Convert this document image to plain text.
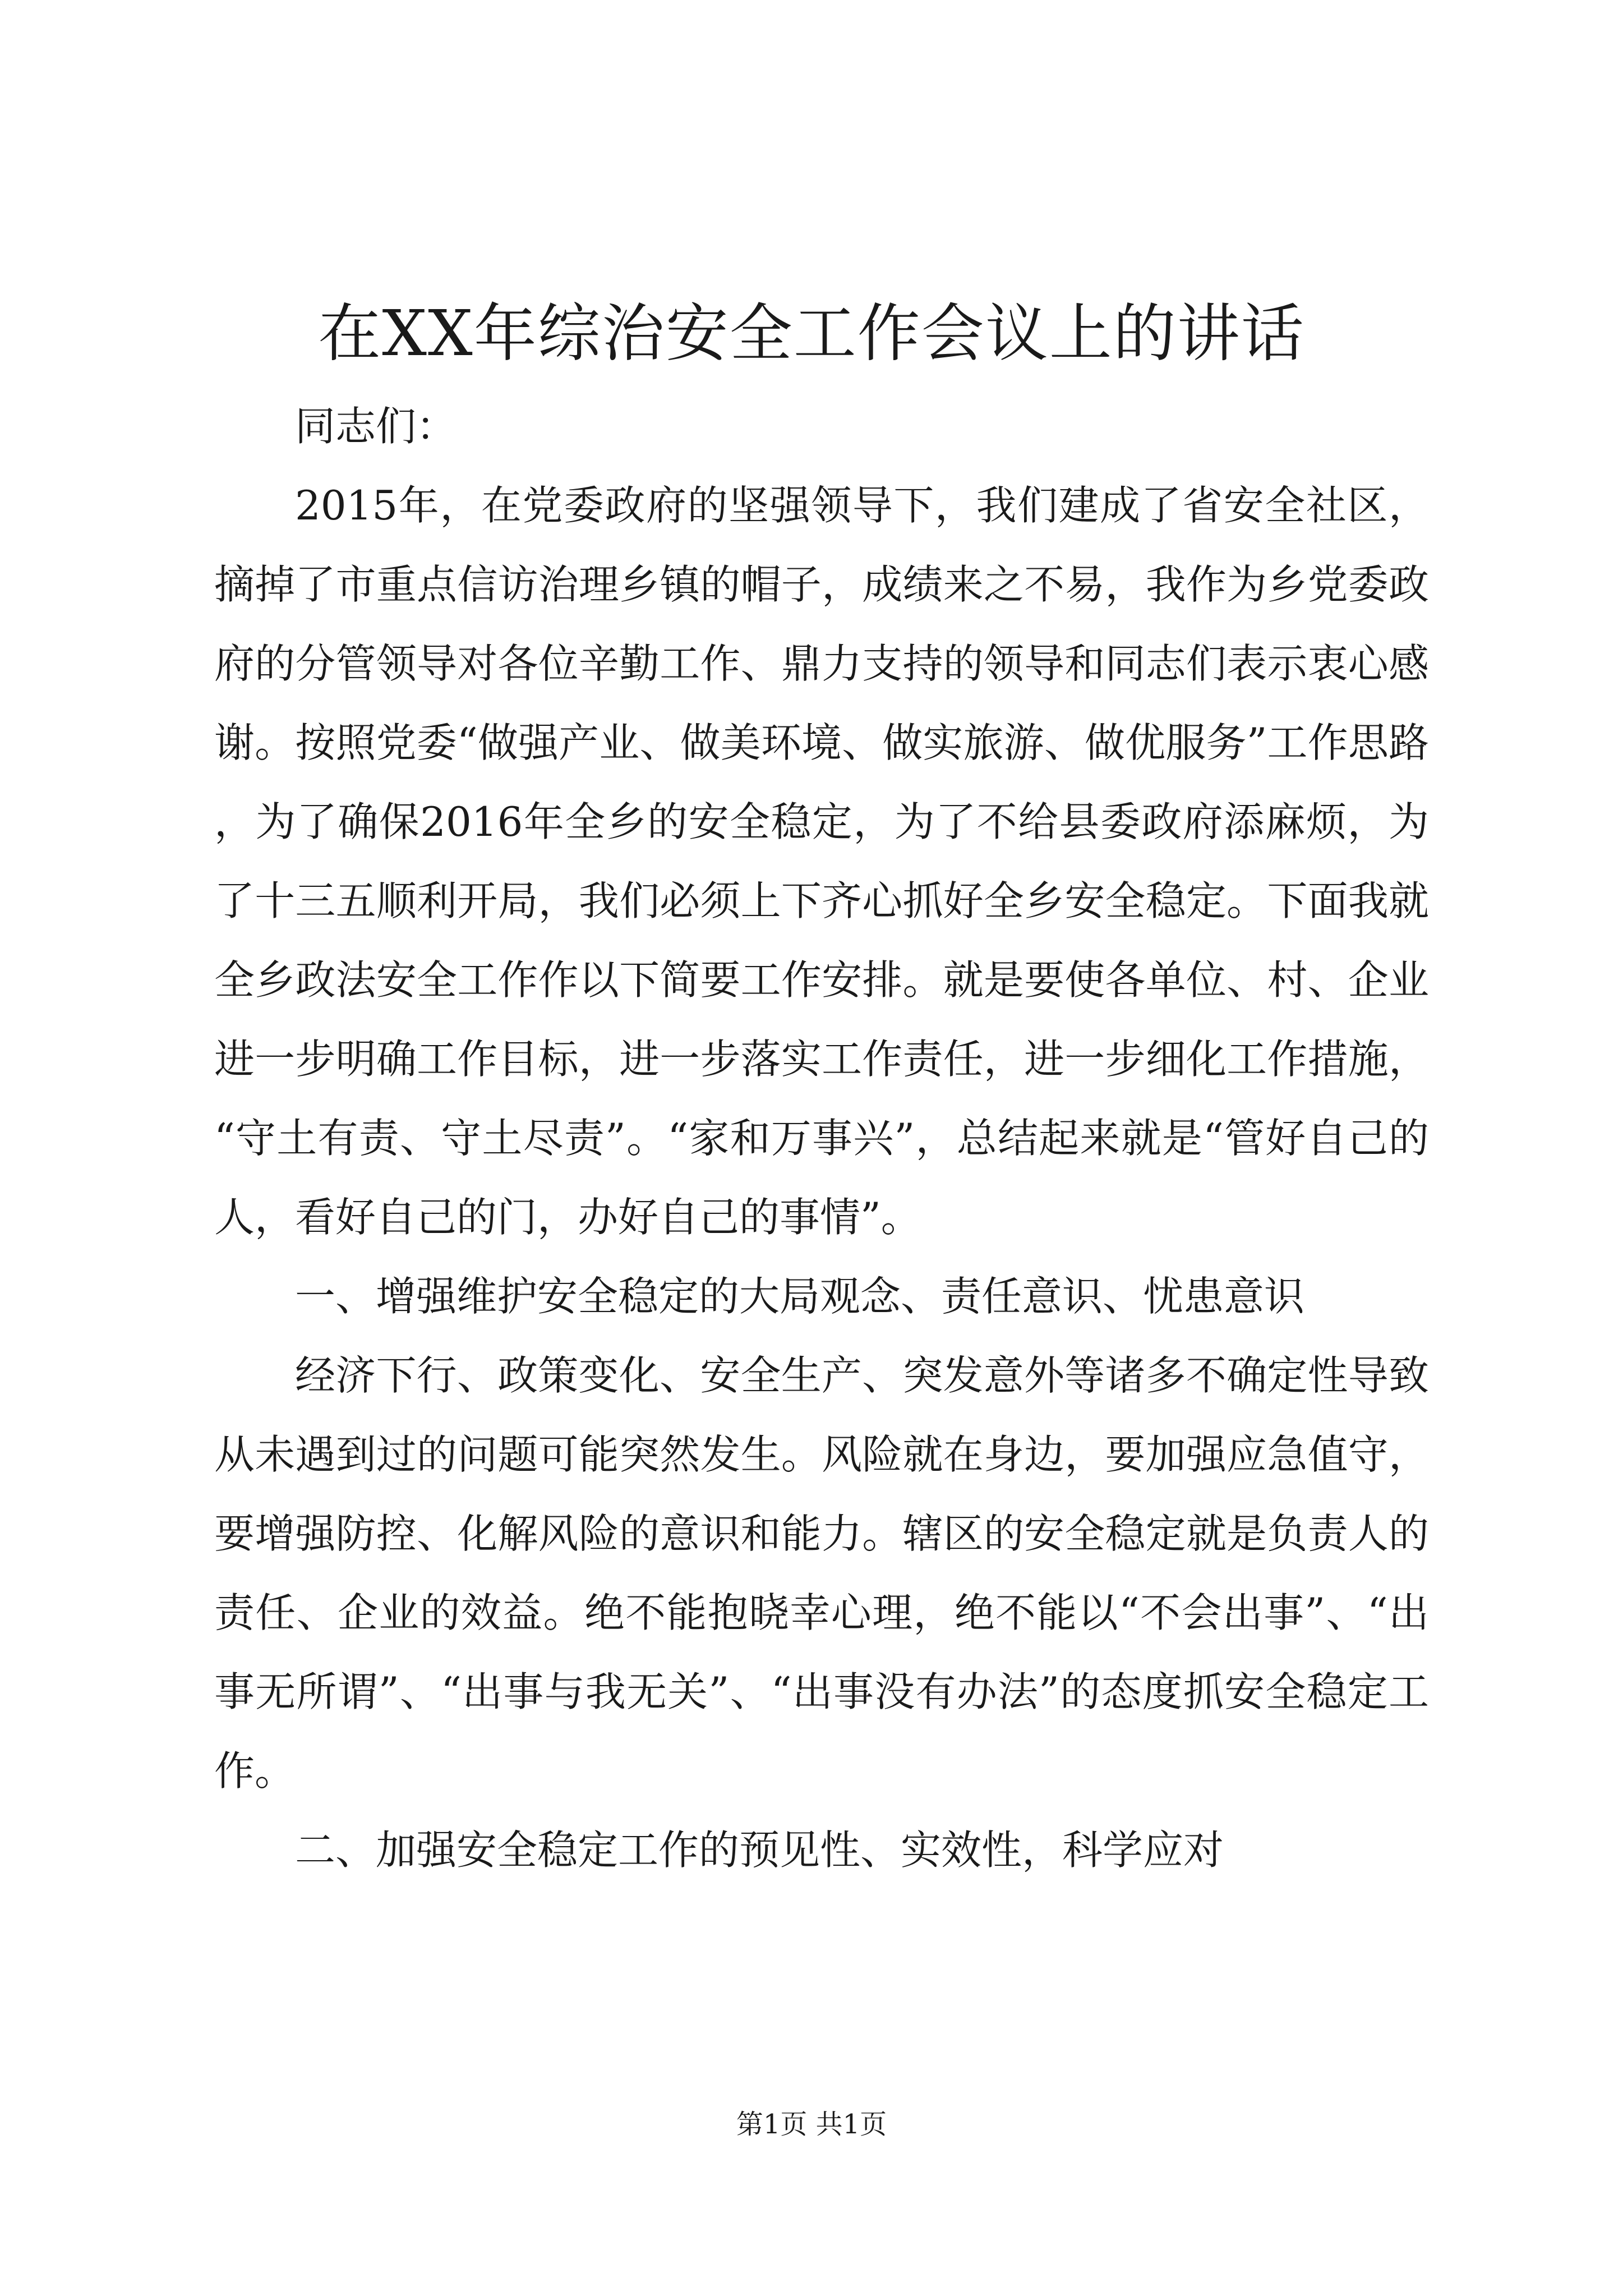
在XX年综治安全工作会议上的讲话

同志们：

2015年，在党委政府的坚强领导下，我们建成了省安全社区，摘掉了市重点信访治理乡镇的帽子，成绩来之不易，我作为乡党委政府的分管领导对各位辛勤工作、鼎力支持的领导和同志们表示衷心感谢。按照党委“做强产业、做美环境、做实旅游、做优服务”工作思路，为了确保2016年全乡的安全稳定，为了不给县委政府添麻烦，为了十三五顺利开局，我们必须上下齐心抓好全乡安全稳定。下面我就全乡政法安全工作作以下简要工作安排。就是要使各单位、村、企业进一步明确工作目标，进一步落实工作责任，进一步细化工作措施，“守土有责、守土尽责”。“家和万事兴”，总结起来就是“管好自己的人，看好自己的门，办好自己的事情”。

一、增强维护安全稳定的大局观念、责任意识、忧患意识

经济下行、政策变化、安全生产、突发意外等诸多不确定性导致从未遇到过的问题可能突然发生。风险就在身边，要加强应急值守，要增强防控、化解风险的意识和能力。辖区的安全稳定就是负责人的责任、企业的效益。绝不能抱晓幸心理，绝不能以“不会出事”、“出事无所谓”、“出事与我无关”、“出事没有办法”的态度抓安全稳定工作。

二、加强安全稳定工作的预见性、实效性，科学应对

第1页 共1页
